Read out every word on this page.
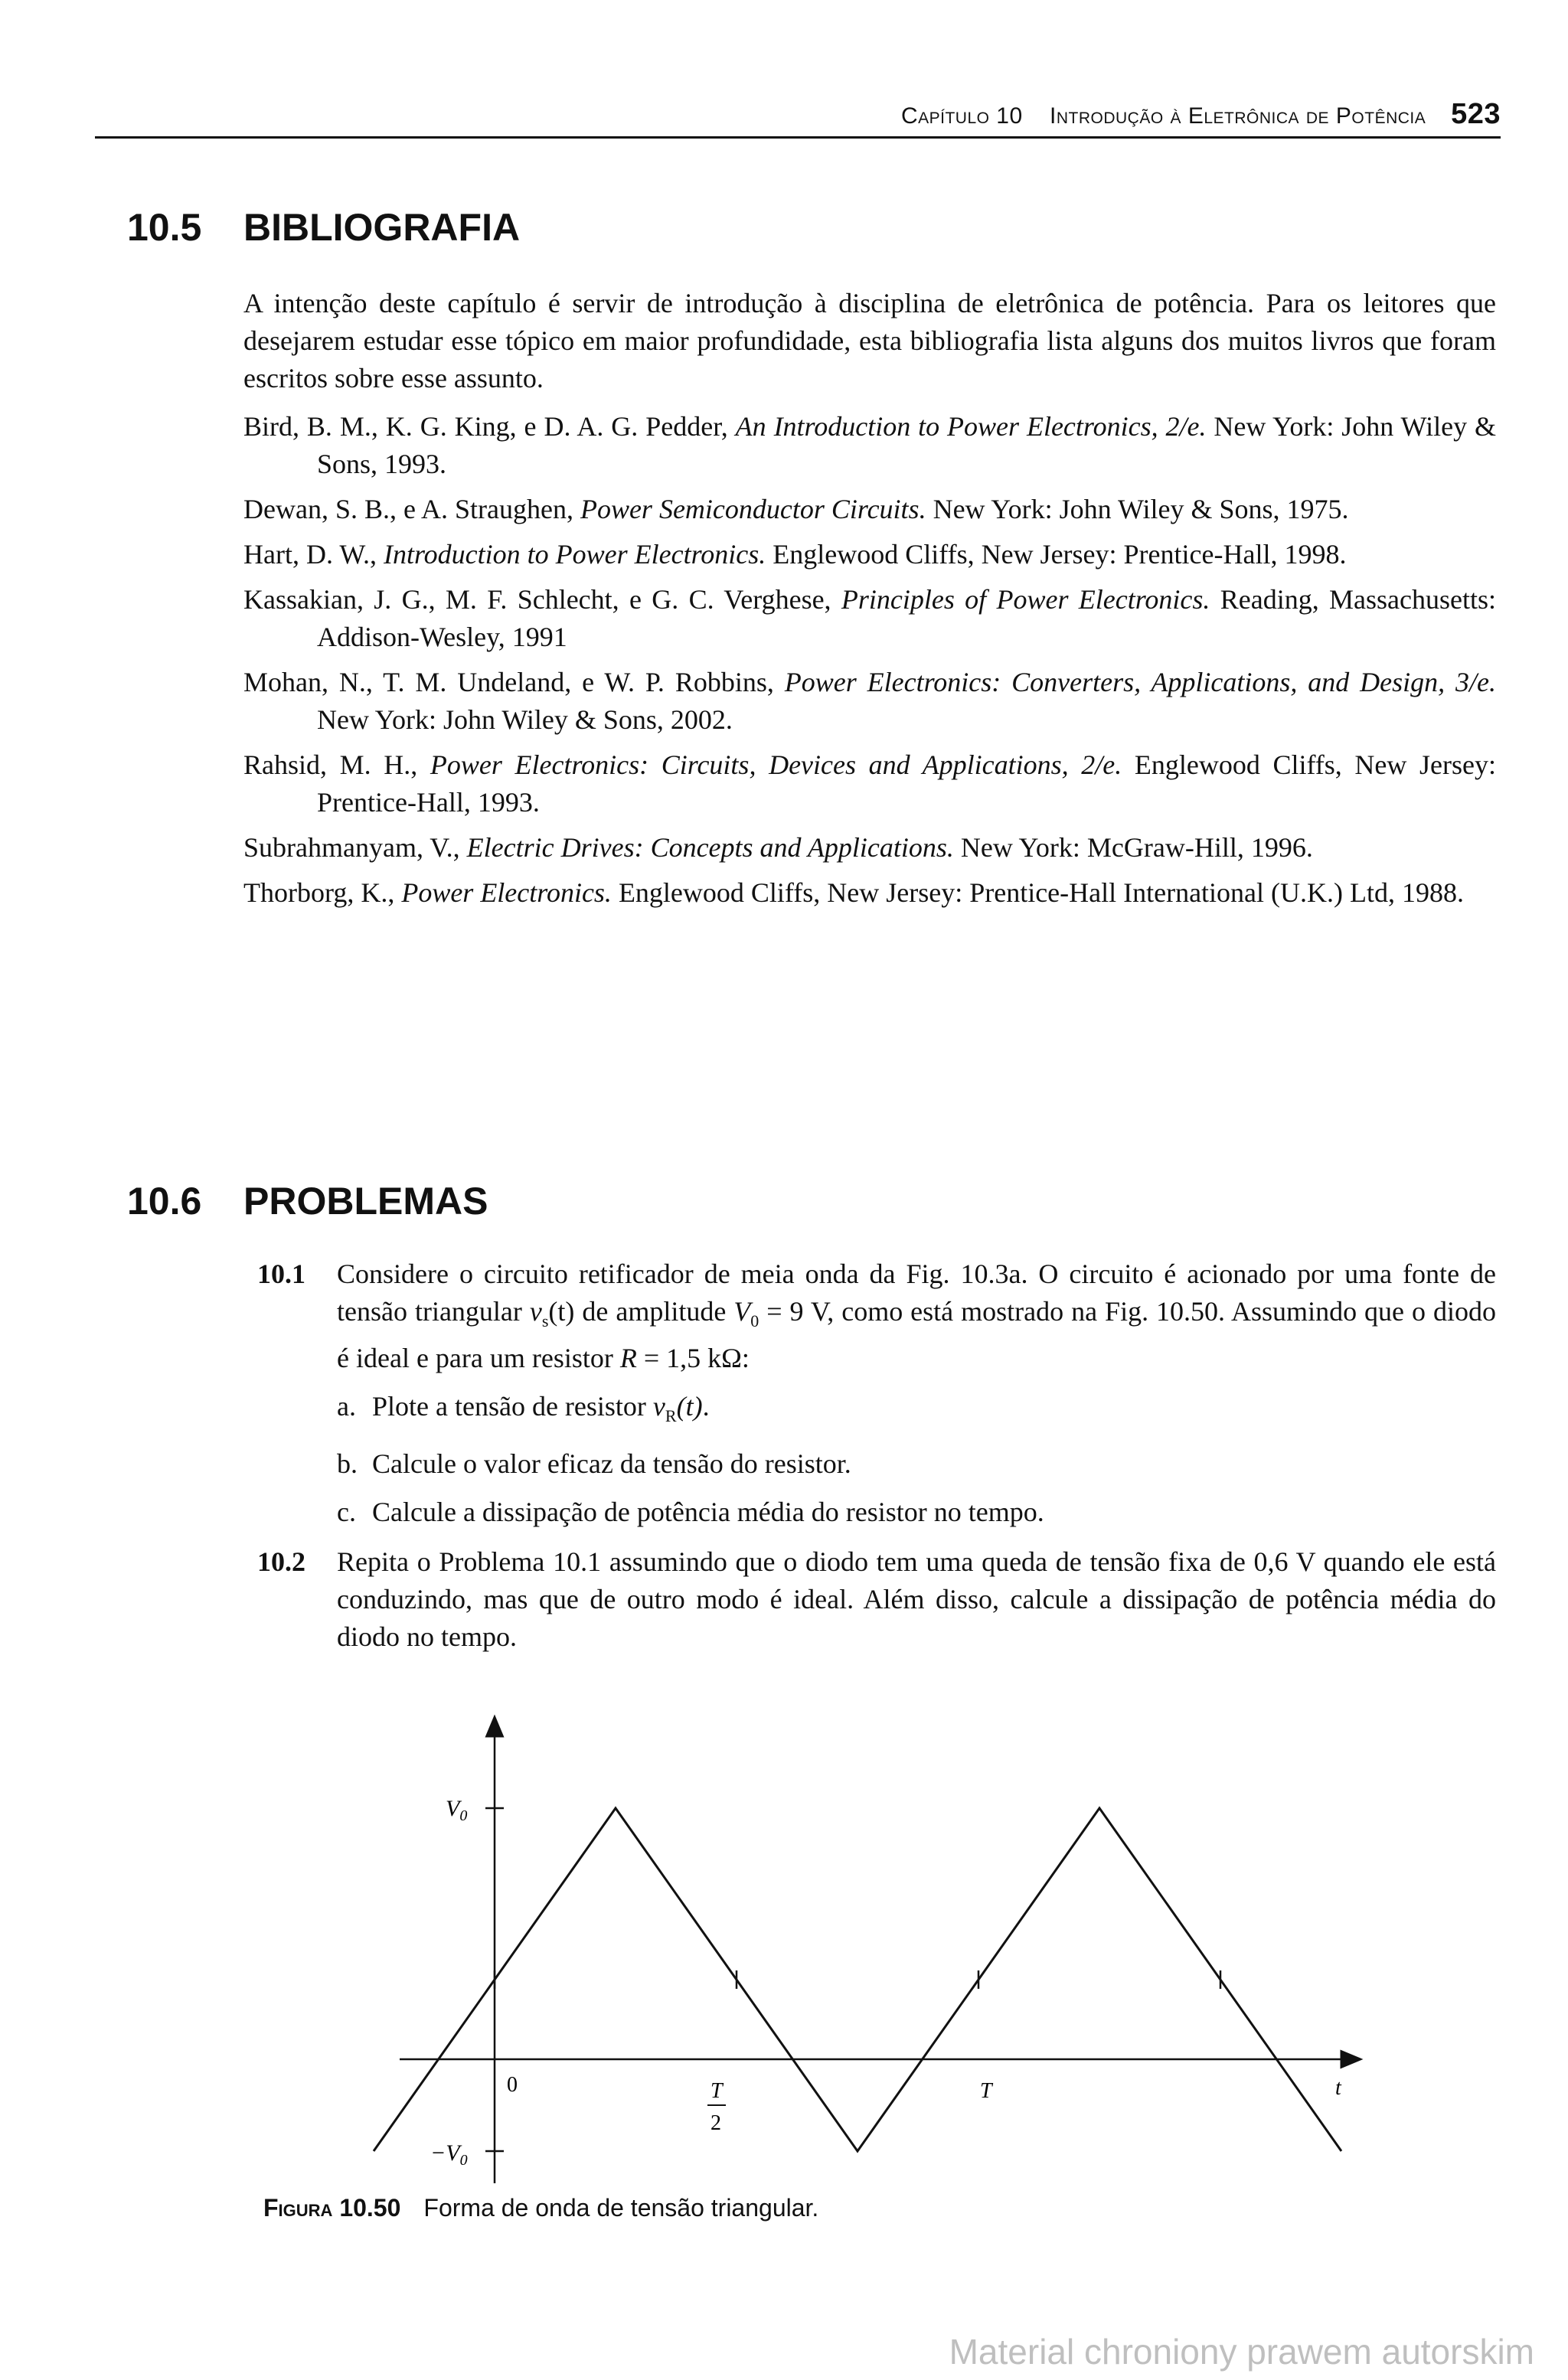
Capítulo 10 Introdução à Eletrônica de Potência 523
10.5 BIBLIOGRAFIA

A intenção deste capítulo é servir de introdução à disciplina de eletrônica de potência. Para os leitores que desejarem estudar esse tópico em maior profundidade, esta bibliografia lista alguns dos muitos livros que foram escritos sobre esse assunto.

Bird, B. M., K. G. King, e D. A. G. Pedder, An Introduction to Power Electronics, 2/e. New York: John Wiley & Sons, 1993.

Dewan, S. B., e A. Straughen, Power Semiconductor Circuits. New York: John Wiley & Sons, 1975.

Hart, D. W., Introduction to Power Electronics. Englewood Cliffs, New Jersey: Prentice-Hall, 1998.

Kassakian, J. G., M. F. Schlecht, e G. C. Verghese, Principles of Power Electronics. Reading, Massachusetts: Addison-Wesley, 1991

Mohan, N., T. M. Undeland, e W. P. Robbins, Power Electronics: Converters, Applications, and Design, 3/e. New York: John Wiley & Sons, 2002.

Rahsid, M. H., Power Electronics: Circuits, Devices and Applications, 2/e. Englewood Cliffs, New Jersey: Prentice-Hall, 1993.

Subrahmanyam, V., Electric Drives: Concepts and Applications. New York: McGraw-Hill, 1996.

Thorborg, K., Power Electronics. Englewood Cliffs, New Jersey: Prentice-Hall International (U.K.) Ltd, 1988.

10.6 PROBLEMAS
10.1	Considere o circuito retificador de meia onda da Fig. 10.3a. O circuito é acionado por uma fonte de tensão triangular $v_s(t)$ de amplitude $V_0 = 9$ V, como está mostrado na Fig. 10.50. Assumindo que o diodo é ideal e para um resistor R = 1,5 kΩ:
a. Plote a tensão de resistor $v_R(t)$.
b. Calcule o valor eficaz da tensão do resistor.
c. Calcule a dissipação de potência média do resistor no tempo.
10.2	Repita o Problema 10.1 assumindo que o diodo tem uma queda de tensão fixa de 0,6 V quando ele está conduzindo, mas que de outro modo é ideal. Além disso, calcule a dissipação de potência média do diodo no tempo.
$V_0$
$-V_0$
0	T
2
T	t
Figura 10.50 Forma de onda de tensão triangular.
Material chroniony prawem autorskim
